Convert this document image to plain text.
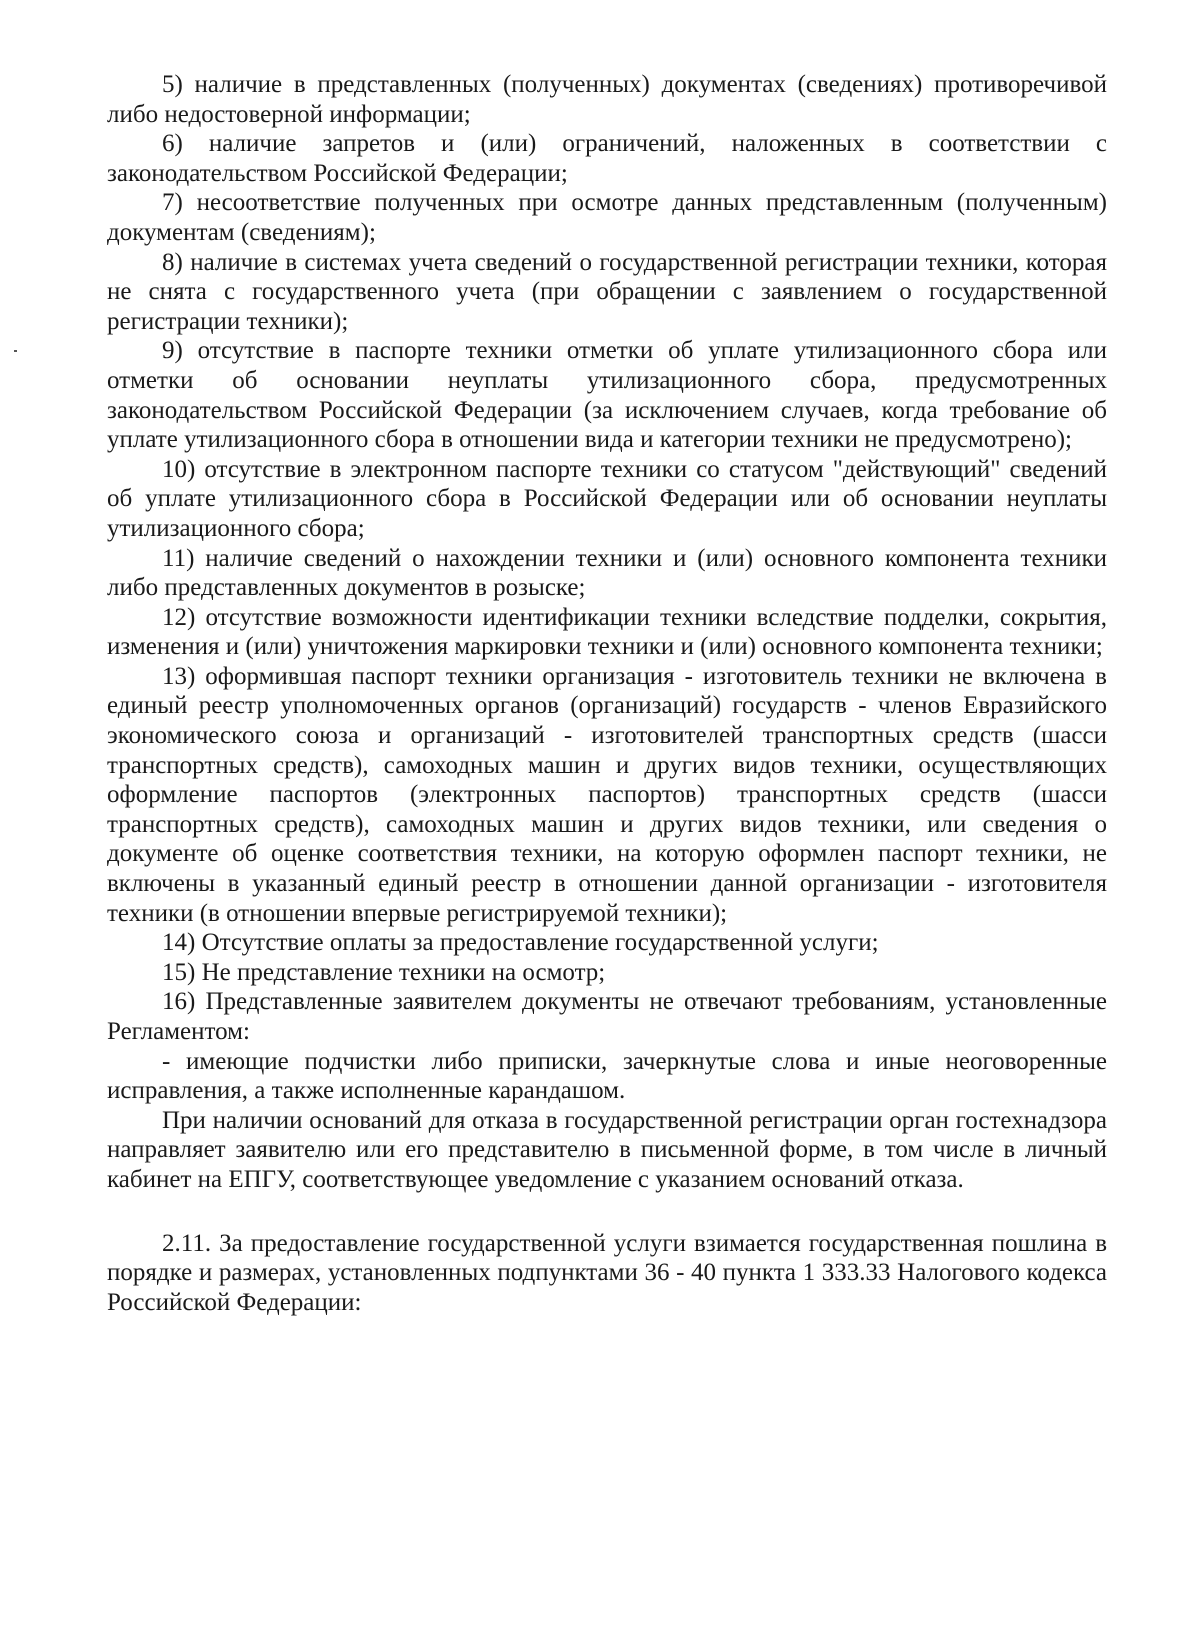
5) наличие в представленных (полученных) документах (сведениях) противоречивой либо недостоверной информации;

6) наличие запретов и (или) ограничений, наложенных в соответствии с законодательством Российской Федерации;

7) несоответствие полученных при осмотре данных представленным (полученным) документам (сведениям);

8) наличие в системах учета сведений о государственной регистрации техники, которая не снята с государственного учета (при обращении с заявлением о государственной регистрации техники);

9) отсутствие в паспорте техники отметки об уплате утилизационного сбора или отметки об основании неуплаты утилизационного сбора, предусмотренных законодательством Российской Федерации (за исключением случаев, когда требование об уплате утилизационного сбора в отношении вида и категории техники не предусмотрено);

10) отсутствие в электронном паспорте техники со статусом "действующий" сведений об уплате утилизационного сбора в Российской Федерации или об основании неуплаты утилизационного сбора;

11) наличие сведений о нахождении техники и (или) основного компонента техники либо представленных документов в розыске;

12) отсутствие возможности идентификации техники вследствие подделки, сокрытия, изменения и (или) уничтожения маркировки техники и (или) основного компонента техники;

13) оформившая паспорт техники организация - изготовитель техники не включена в единый реестр уполномоченных органов (организаций) государств - членов Евразийского экономического союза и организаций - изготовителей транспортных средств (шасси транспортных средств), самоходных машин и других видов техники, осуществляющих оформление паспортов (электронных паспортов) транспортных средств (шасси транспортных средств), самоходных машин и других видов техники, или сведения о документе об оценке соответствия техники, на которую оформлен паспорт техники, не включены в указанный единый реестр в отношении данной организации - изготовителя техники (в отношении впервые регистрируемой техники);

14) Отсутствие оплаты за предоставление государственной услуги;

15) Не представление техники на осмотр;

16) Представленные заявителем документы не отвечают требованиям, установленные Регламентом:

- имеющие подчистки либо приписки, зачеркнутые слова и иные неоговоренные исправления, а также исполненные карандашом.

При наличии оснований для отказа в государственной регистрации орган гостехнадзора направляет заявителю или его представителю в письменной форме, в том числе в личный кабинет на ЕПГУ, соответствующее уведомление с указанием оснований отказа.

2.11. За предоставление государственной услуги взимается государственная пошлина в порядке и размерах, установленных подпунктами 36 - 40 пункта 1 333.33 Налогового кодекса Российской Федерации:
